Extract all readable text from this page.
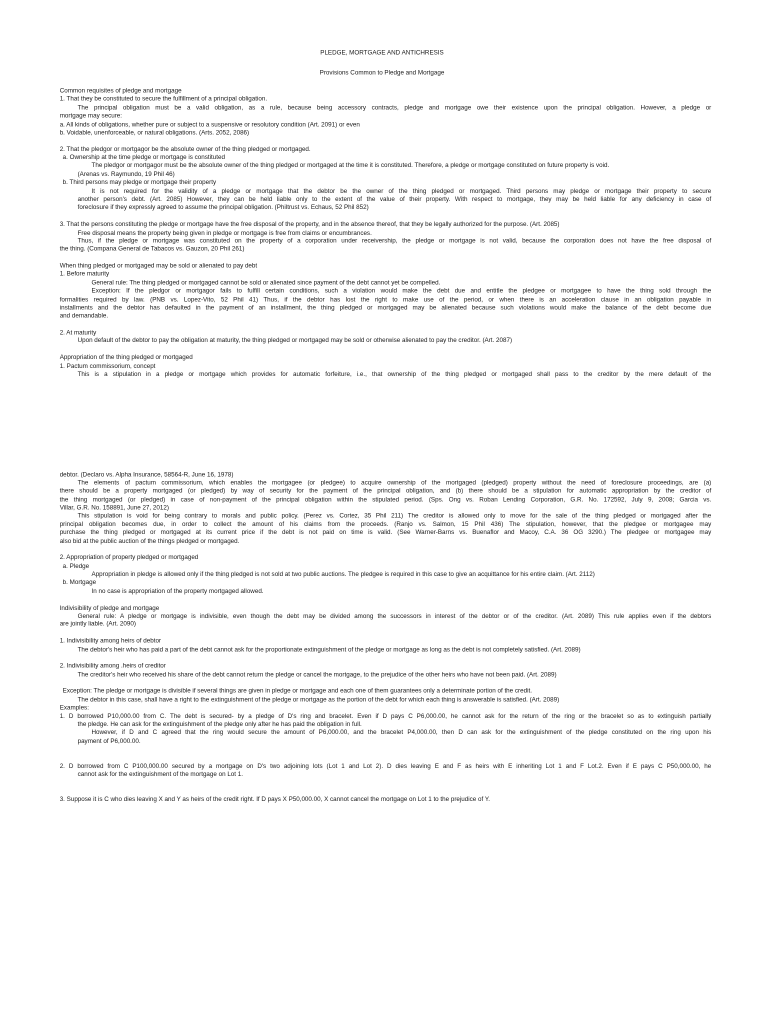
PLEDGE, MORTGAGE AND ANTICHRESIS
Provisions Common to Pledge and Mortgage
Common requisites of pledge and mortgage
1. That they be constituted to secure the fulfillment of a principal obligation.
The principal obligation must be a valid obligation, as a rule, because being accessory contracts, pledge and mortgage owe their existence upon the principal obligation. However, a pledge or
mortgage may secure:
a. All kinds of obligations, whether pure or subject to a suspensive or resolutory condition (Art. 2091) or even
b. Voidable, unenforceable, or natural obligations. (Arts. 2052, 2086)
2. That the pledgor or mortgagor be the absolute owner of the thing pledged or mortgaged.
a. Ownership at the time pledge or mortgage is constituted
The pledgor or mortgagor must be the absolute owner of the thing pledged or mortgaged at the time it is constituted. Therefore, a pledge or mortgage constituted on future property is void.
(Arenas vs. Raymundo, 19 Phil 46)
b. Third persons may pledge or mortgage their property
It is not required for the validity of a pledge or mortgage that the debtor be the owner of the thing pledged or mortgaged. Third persons may pledge or mortgage their property to secure
another person's debt. (Art. 2085) However, they can be held liable only to the extent of the value of their property. With respect to mortgage, they may be held liable for any deficiency in case of
foreclosure if they expressly agreed to assume the principal obligation. (Philtrust vs. Echaus, 52 Phil 852)
3. That the persons constituting the pledge or mortgage have the free disposal of the property, and in the absence thereof, that they be legally authorized for the purpose. (Art. 2085)
Free disposal means the property being given in pledge or mortgage is free from claims or encumbrances.
Thus, if the pledge or mortgage was constituted on the property of a corporation under receivership, the pledge or mortgage is not valid, because the corporation does not have the free disposal of
the thing. (Compana General de Tabacos vs. Gauzon, 20 Phil 261)
When thing pledged or mortgaged may be sold or alienated to pay debt
1. Before maturity
General rule: The thing pledged or mortgaged cannot be sold or alienated since payment of the debt cannot yet be compelled.
Exception: If the pledgor or mortgagor fails to fulfill certain conditions, such a violation would make the debt due and entitle the pledgee or mortgagee to have the thing sold through the
formalities required by law. (PNB vs. Lopez-Vito, 52 Phil 41) Thus, if the debtor has lost the right to make use of the period, or when there is an acceleration clause in an obligation payable in
installments and the debtor has defaulted in the payment of an installment, the thing pledged or mortgaged may be alienated because such violations would make the balance of the debt become due
and demandable.
2. At maturity
Upon default of the debtor to pay the obligation at maturity, the thing pledged or mortgaged may be sold or otherwise alienated to pay the creditor. (Art. 2087)
Appropriation of the thing pledged or mortgaged
1. Pactum commissorium, concept
This is a stipulation in a pledge or mortgage which provides for automatic forfeiture, i.e., that ownership of the thing pledged or mortgaged shall pass to the creditor by the mere default of the
debtor. (Declaro vs. Alpha Insurance, 58564-R, June 16, 1978)
The elements of pactum commissorium, which enables the mortgagee (or pledgee) to acquire ownership of the mortgaged (pledged) property without the need of foreclosure proceedings, are (a)
there should be a property mortgaged (or pledged) by way of security for the payment of the principal obligation, and (b) there should be a stipulation for automatic appropriation by the creditor of
the thing mortgaged (or pledged) in case of non-payment of the principal obligation within the stipulated period. (Sps. Ong vs. Roban Lending Corporation, G.R. No. 172592, July 9, 2008; Garcia vs.
Villar, G.R. No. 158891, June 27, 2012)
This stipulation is void for being contrary to morals and public policy. (Perez vs. Cortez, 35 Phil 211) The creditor is allowed only to move for the sale of the thing pledged or mortgaged after the
principal obligation becomes due, in order to collect the amount of his claims from the proceeds. (Ranjo vs. Salmon, 15 Phil 436) The stipulation, however, that the pledgee or mortgagee may
purchase the thing pledged or mortgaged at its current price if the debt is not paid on time is valid. (See Warner-Barns vs. Buenaflor and Macoy, C.A. 36 OG 3290.) The pledgee or mortgagee may
also bid at the public auction of the things pledged or mortgaged.
2. Appropriation of property pledged or mortgaged
a. Pledge
Appropriation in pledge is allowed only if the thing pledged is not sold at two public auctions. The pledgee is required in this case to give an acquittance for his entire claim. (Art. 2112)
b. Mortgage
In no case is appropriation of the property mortgaged allowed.
Indivisibility of pledge and mortgage
General rule: A pledge or mortgage is indivisible, even though the debt may be divided among the successors in interest of the debtor or of the creditor. (Art. 2089) This rule applies even if the debtors
are jointly liable. (Art. 2090)
1. Indivisibility among heirs of debtor
The debtor's heir who has paid a part of the debt cannot ask for the proportionate extinguishment of the pledge or mortgage as long as the debt is not completely satisfied. (Art. 2089)
2. Indivisibility among .heirs of creditor
The creditor's heir who received his share of the debt cannot return the pledge or cancel the mortgage, to the prejudice of the other heirs who have not been paid. (Art. 2089)
Exception: The pledge or mortgage is divisible if several things are given in pledge or mortgage and each one of them guarantees only a determinate portion of the credit.
The debtor in this case, shall have a right to the extinguishment of the pledge or mortgage as the portion of the debt for which each thing is answerable is satisfied. (Art. 2089)
Examples:
1. D borrowed P10,000.00 from C. The debt is secured- by a pledge of D's ring and bracelet. Even if D pays C P6,000.00, he cannot ask for the return of the ring or the bracelet so as to extinguish partially
the pledge. He can ask for the extinguishment of the pledge only after he has paid the obligation in full.
However, if D and C agreed that the ring would secure the amount of P6,000.00, and the bracelet P4,000.00, then D can ask for the extinguishment of the pledge constituted on the ring upon his
payment of P6,000.00.
2. D borrowed from C P100,000.00 secured by a mortgage on D's two adjoining lots (Lot 1 and Lot 2). D dies leaving E and F as heirs with E inheriting Lot 1 and F Lot.2. Even if E pays C P50,000.00, he
cannot ask for the extinguishment of the mortgage on Lot 1.
3. Suppose it is C who dies leaving X and Y as heirs of the credit right. If D pays X P50,000.00, X cannot cancel the mortgage on Lot 1 to the prejudice of Y.
